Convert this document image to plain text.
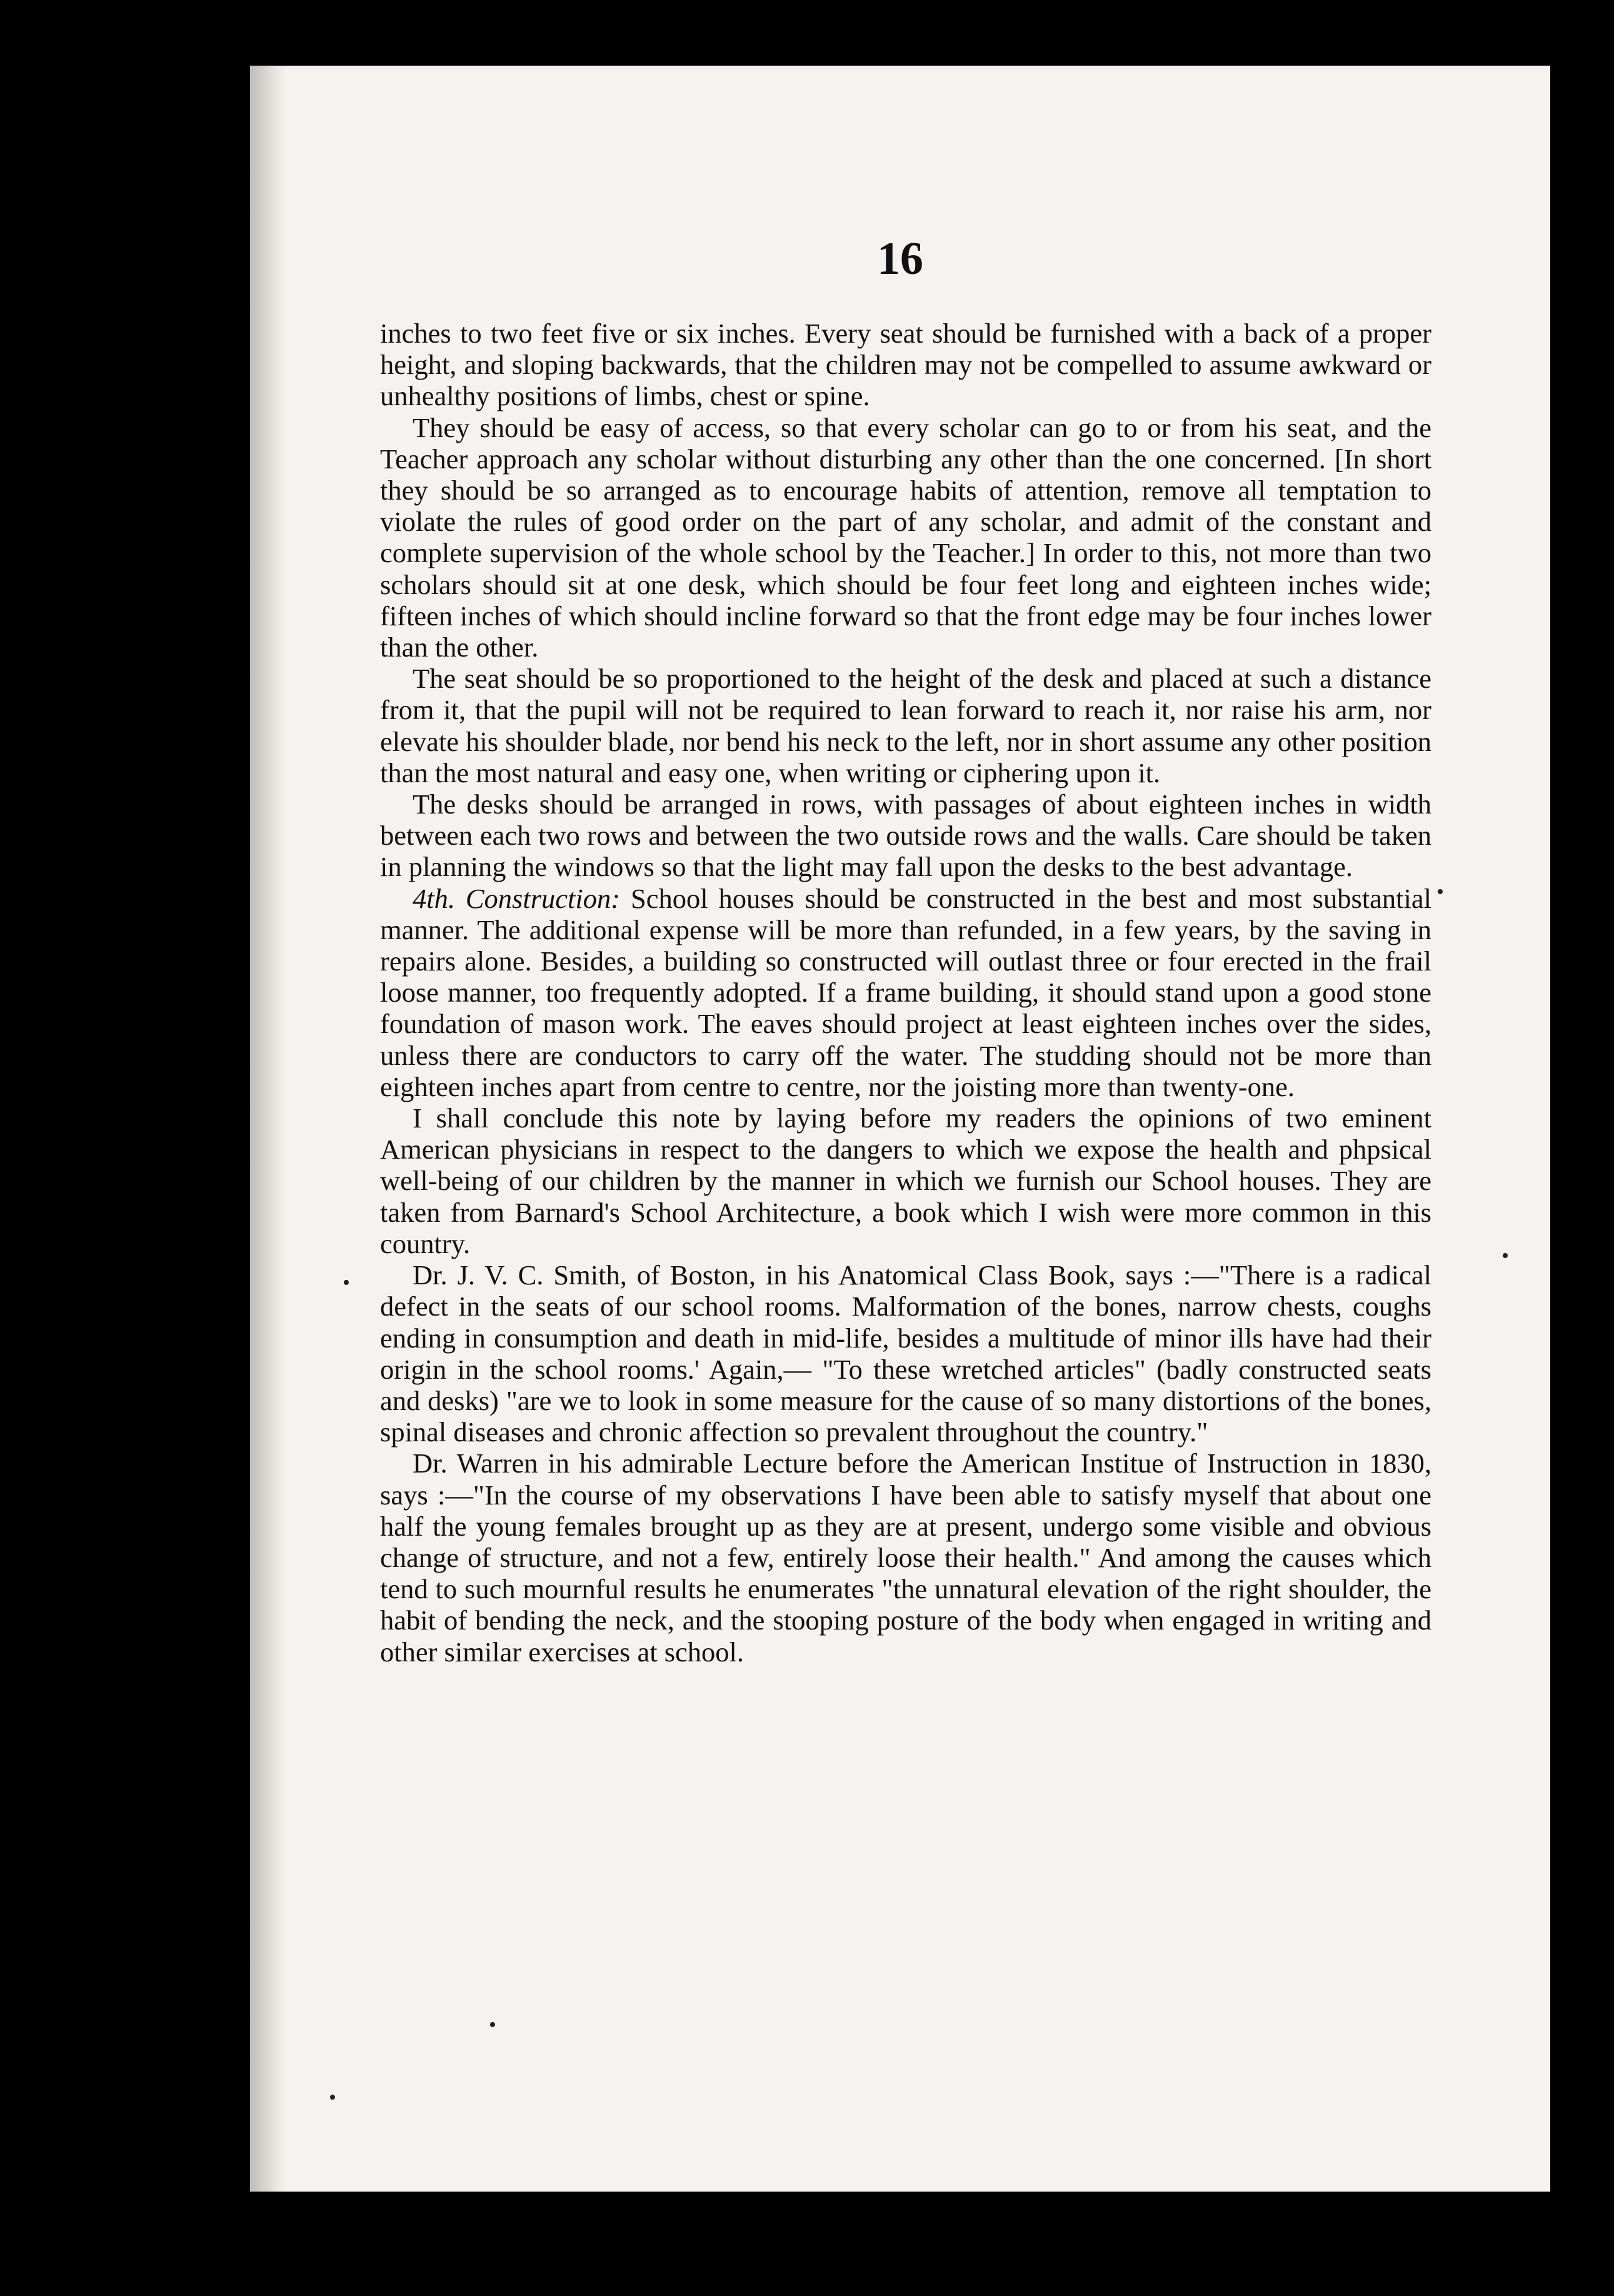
16

inches to two feet five or six inches. Every seat should be furnished with a back of a proper height, and sloping backwards, that the children may not be compelled to assume awkward or unhealthy positions of limbs, chest or spine.

They should be easy of access, so that every scholar can go to or from his seat, and the Teacher approach any scholar without disturbing any other than the one concerned. [In short they should be so arranged as to encourage habits of attention, remove all temptation to violate the rules of good order on the part of any scholar, and admit of the constant and complete supervision of the whole school by the Teacher.] In order to this, not more than two scholars should sit at one desk, which should be four feet long and eighteen inches wide; fifteen inches of which should incline forward so that the front edge may be four inches lower than the other.

The seat should be so proportioned to the height of the desk and placed at such a distance from it, that the pupil will not be required to lean forward to reach it, nor raise his arm, nor elevate his shoulder blade, nor bend his neck to the left, nor in short assume any other position than the most natural and easy one, when writing or ciphering upon it.

The desks should be arranged in rows, with passages of about eighteen inches in width between each two rows and between the two outside rows and the walls. Care should be taken in planning the windows so that the light may fall upon the desks to the best advantage.

4th. Construction: School houses should be constructed in the best and most substantial manner. The additional expense will be more than refunded, in a few years, by the saving in repairs alone. Besides, a building so constructed will outlast three or four erected in the frail loose manner, too frequently adopted. If a frame building, it should stand upon a good stone foundation of mason work. The eaves should project at least eighteen inches over the sides, unless there are conductors to carry off the water. The studding should not be more than eighteen inches apart from centre to centre, nor the joisting more than twenty-one.

I shall conclude this note by laying before my readers the opinions of two eminent American physicians in respect to the dangers to which we expose the health and phpsical well-being of our children by the manner in which we furnish our School houses. They are taken from Barnard's School Architecture, a book which I wish were more common in this country.

Dr. J. V. C. Smith, of Boston, in his Anatomical Class Book, says :—"There is a radical defect in the seats of our school rooms. Malformation of the bones, narrow chests, coughs ending in consumption and death in mid-life, besides a multitude of minor ills have had their origin in the school rooms.' Again,— "To these wretched articles" (badly constructed seats and desks) "are we to look in some measure for the cause of so many distortions of the bones, spinal diseases and chronic affection so prevalent throughout the country."

Dr. Warren in his admirable Lecture before the American Institue of Instruction in 1830, says :—"In the course of my observations I have been able to satisfy myself that about one half the young females brought up as they are at present, undergo some visible and obvious change of structure, and not a few, entirely loose their health." And among the causes which tend to such mournful results he enumerates "the unnatural elevation of the right shoulder, the habit of bending the neck, and the stooping posture of the body when engaged in writing and other similar exercises at school.

•
•
•
•
•
